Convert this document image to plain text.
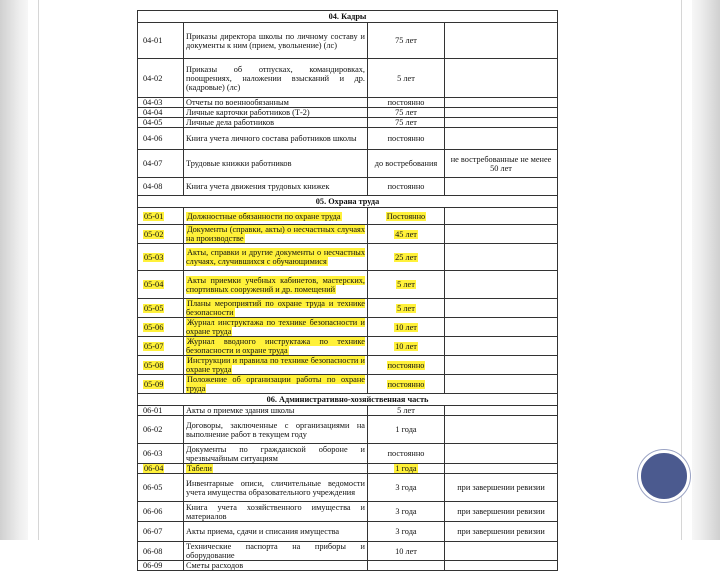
04. Кадры			
04-01	Приказы директора школы по личному составу и документы к ним (прием, увольнение) (лс)	75 лет	
04-02	Приказы об отпусках, командировках, поощрениях, наложении взысканий и др. (кадровые) (лс)	5 лет	
04-03	Отчеты по военнообязанным	постоянно	
04-04	Личные карточки работников (Т-2)	75 лет	
04-05	Личные дела работников	75 лет	
04-06	Книга учета личного состава работников школы	постоянно	
04-07	Трудовые книжки работников	до востребования	не востребованные не менее 50 лет
04-08	Книга учета движения трудовых книжек	постоянно	
05. Охрана труда			
05-01	Должностные обязанности по охране труда	Постоянно	
05-02	Документы (справки, акты) о несчастных случаях на производстве	45 лет	
05-03	Акты, справки и другие документы о несчастных случаях, случившихся с обучающимися	25 лет	
05-04	Акты приемки учебных кабинетов, мастерских, спортивных сооружений и др. помещений	5 лет	
05-05	Планы мероприятий по охране труда и технике безопасности	5 лет	
05-06	Журнал инструктажа по технике безопасности и охране труда	10 лет	
05-07	Журнал вводного инструктажа по технике безопасности и охране труда	10 лет	
05-08	Инструкции и правила по технике безопасности и охране труда	постоянно	
05-09	Положение об организации работы по охране труда	постоянно	
06. Административно-хозяйственная часть			
06-01	Акты о приемке здания школы	5 лет	
06-02	Договоры, заключенные с организациями на выполнение работ в текущем году	1 года	
06-03	Документы по гражданской обороне и чрезвычайным ситуациям	постоянно	
06-04	Табели	1 года	
06-05	Инвентарные описи, сличительные ведомости учета имущества образовательного учреждения	3 года	при завершении ревизии
06-06	Книга учета хозяйственного имущества и материалов	3 года	при завершении ревизии
06-07	Акты приема, сдачи и списания имущества	3 года	при завершении ревизии
06-08	Технические паспорта на приборы и оборудование	10 лет	
06-09	Сметы расходов		
